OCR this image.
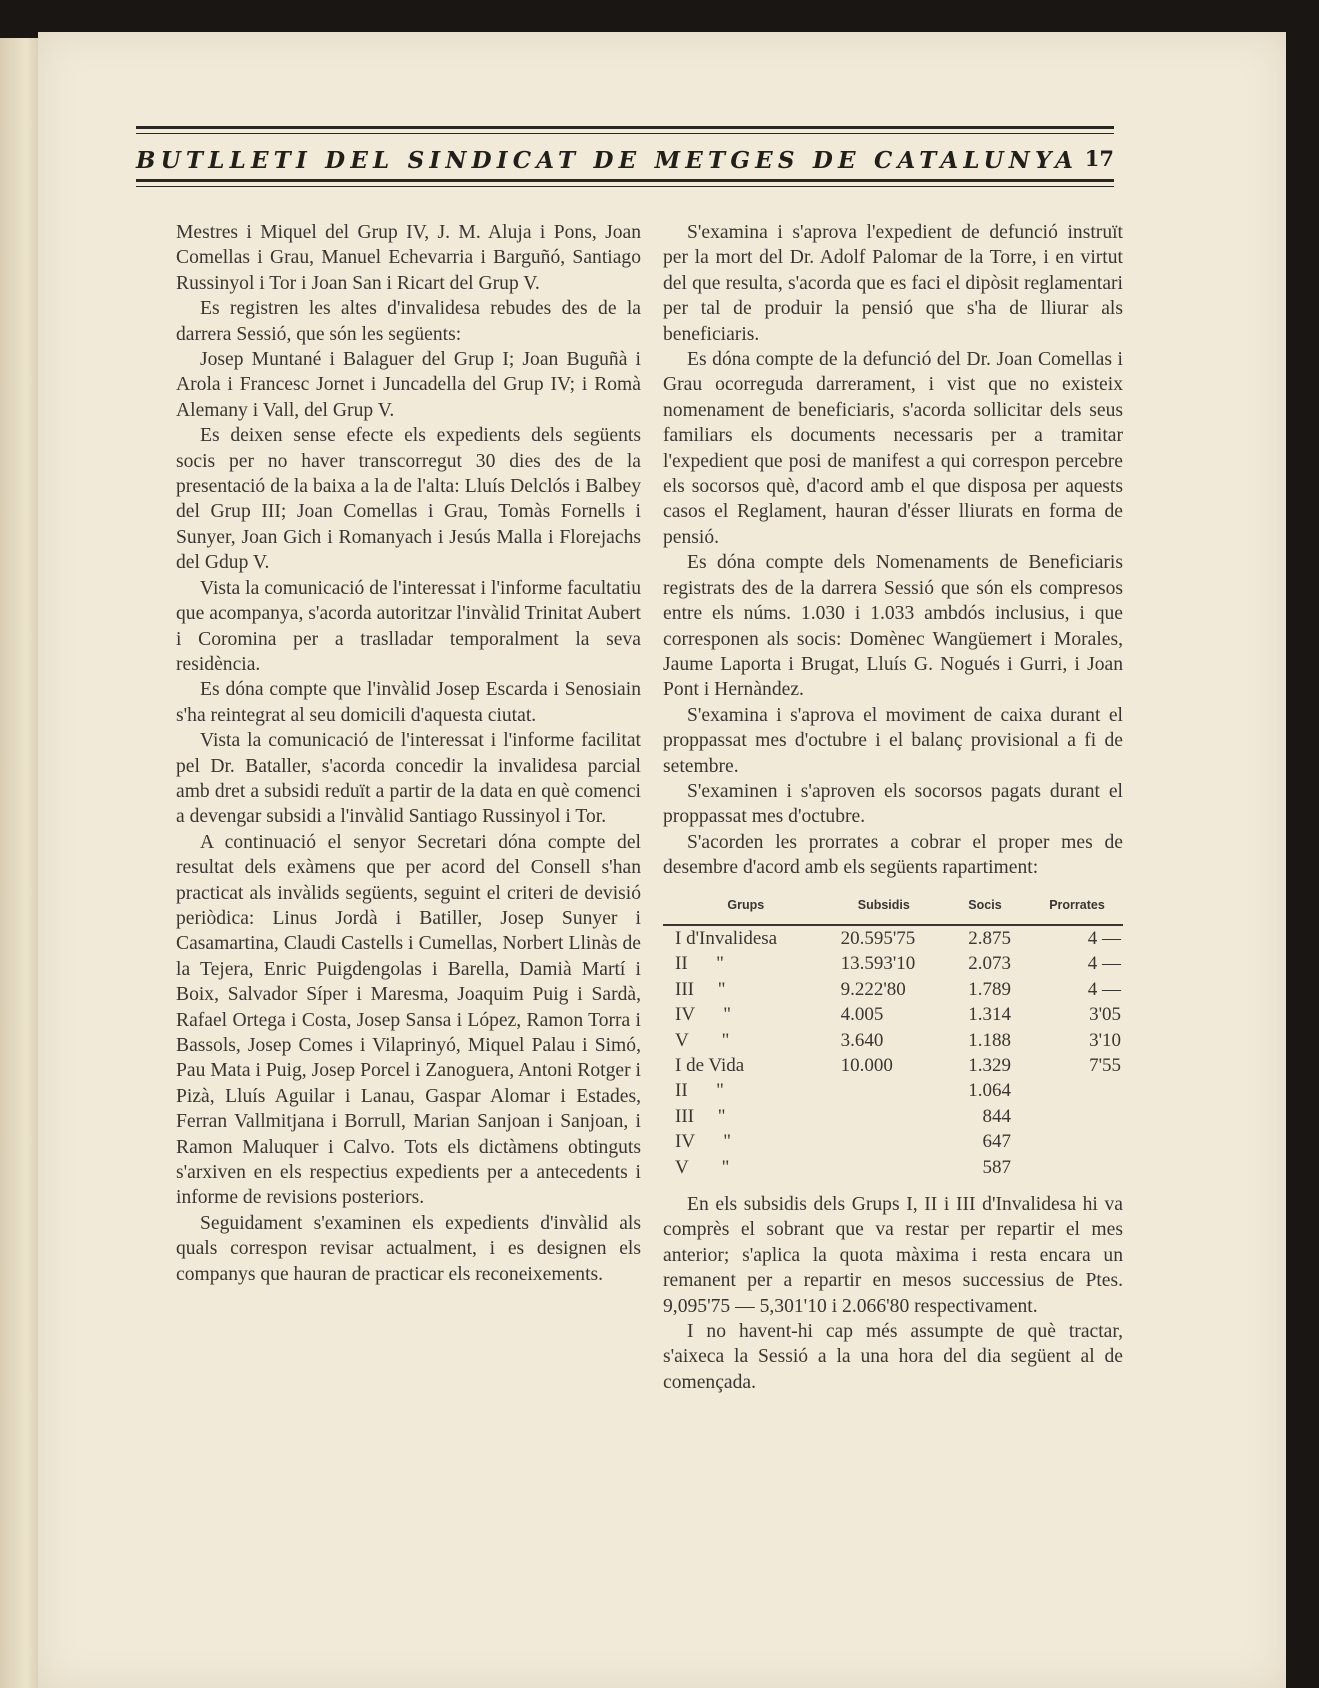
BUTLLETI DEL SINDICAT DE METGES DE CATALUNYA 17

Mestres i Miquel del Grup IV, J. M. Aluja i Pons, Joan Comellas i Grau, Manuel Echevarria i Barguñó, Santiago Russinyol i Tor i Joan San i Ricart del Grup V.

Es registren les altes d'invalidesa rebudes des de la darrera Sessió, que són les següents:

Josep Muntané i Balaguer del Grup I; Joan Buguñà i Arola i Francesc Jornet i Juncadella del Grup IV; i Romà Alemany i Vall, del Grup V.

Es deixen sense efecte els expedients dels següents socis per no haver transcorregut 30 dies des de la presentació de la baixa a la de l'alta: Lluís Delclós i Balbey del Grup III; Joan Comellas i Grau, Tomàs Fornells i Sunyer, Joan Gich i Romanyach i Jesús Malla i Florejachs del Gdup V.

Vista la comunicació de l'interessat i l'informe facultatiu que acompanya, s'acorda autoritzar l'invàlid Trinitat Aubert i Coromina per a traslladar temporalment la seva residència.

Es dóna compte que l'invàlid Josep Escarda i Senosiain s'ha reintegrat al seu domicili d'aquesta ciutat.

Vista la comunicació de l'interessat i l'informe facilitat pel Dr. Bataller, s'acorda concedir la invalidesa parcial amb dret a subsidi reduït a partir de la data en què comenci a devengar subsidi a l'invàlid Santiago Russinyol i Tor.

A continuació el senyor Secretari dóna compte del resultat dels exàmens que per acord del Consell s'han practicat als invàlids següents, seguint el criteri de devisió periòdica: Linus Jordà i Batiller, Josep Sunyer i Casamartina, Claudi Castells i Cumellas, Norbert Llinàs de la Tejera, Enric Puigdengolas i Barella, Damià Martí i Boix, Salvador Síper i Maresma, Joaquim Puig i Sardà, Rafael Ortega i Costa, Josep Sansa i López, Ramon Torra i Bassols, Josep Comes i Vilaprinyó, Miquel Palau i Simó, Pau Mata i Puig, Josep Porcel i Zanoguera, Antoni Rotger i Pizà, Lluís Aguilar i Lanau, Gaspar Alomar i Estades, Ferran Vallmitjana i Borrull, Marian Sanjoan i Sanjoan, i Ramon Maluquer i Calvo. Tots els dictàmens obtinguts s'arxiven en els respectius expedients per a antecedents i informe de revisions posteriors.

Seguidament s'examinen els expedients d'invàlid als quals correspon revisar actualment, i es designen els companys que hauran de practicar els reconeixements.

S'examina i s'aprova l'expedient de defunció instruït per la mort del Dr. Adolf Palomar de la Torre, i en virtut del que resulta, s'acorda que es faci el dipòsit reglamentari per tal de produir la pensió que s'ha de lliurar als beneficiaris.

Es dóna compte de la defunció del Dr. Joan Comellas i Grau ocorreguda darrerament, i vist que no existeix nomenament de beneficiaris, s'acorda sollicitar dels seus familiars els documents necessaris per a tramitar l'expedient que posi de manifest a qui correspon percebre els socorsos què, d'acord amb el que disposa per aquests casos el Reglament, hauran d'ésser lliurats en forma de pensió.

Es dóna compte dels Nomenaments de Beneficiaris registrats des de la darrera Sessió que són els compresos entre els núms. 1.030 i 1.033 ambdós inclusius, i que corresponen als socis: Domènec Wangüemert i Morales, Jaume Laporta i Brugat, Lluís G. Nogués i Gurri, i Joan Pont i Hernàndez.

S'examina i s'aprova el moviment de caixa durant el proppassat mes d'octubre i el balanç provisional a fi de setembre.

S'examinen i s'aproven els socorsos pagats durant el proppassat mes d'octubre.

S'acorden les prorrates a cobrar el proper mes de desembre d'acord amb els següents rapartiment:

Grups	Subsidis	Socis	Prorrates
I d'Invalidesa	20.595'75	2.875	4 —
II      "	13.593'10	2.073	4 —
III     "	9.222'80	1.789	4 —
IV      "	4.005	1.314	3'05
V       "	3.640	1.188	3'10
I de Vida	10.000	1.329	7'55
II      "		1.064	
III     "		844	
IV      "		647	
V       "		587	

En els subsidis dels Grups I, II i III d'Invalidesa hi va comprès el sobrant que va restar per repartir el mes anterior; s'aplica la quota màxima i resta encara un remanent per a repartir en mesos successius de Ptes. 9,095'75 — 5,301'10 i 2.066'80 respectivament.

I no havent-hi cap més assumpte de què tractar, s'aixeca la Sessió a la una hora del dia següent al de començada.
